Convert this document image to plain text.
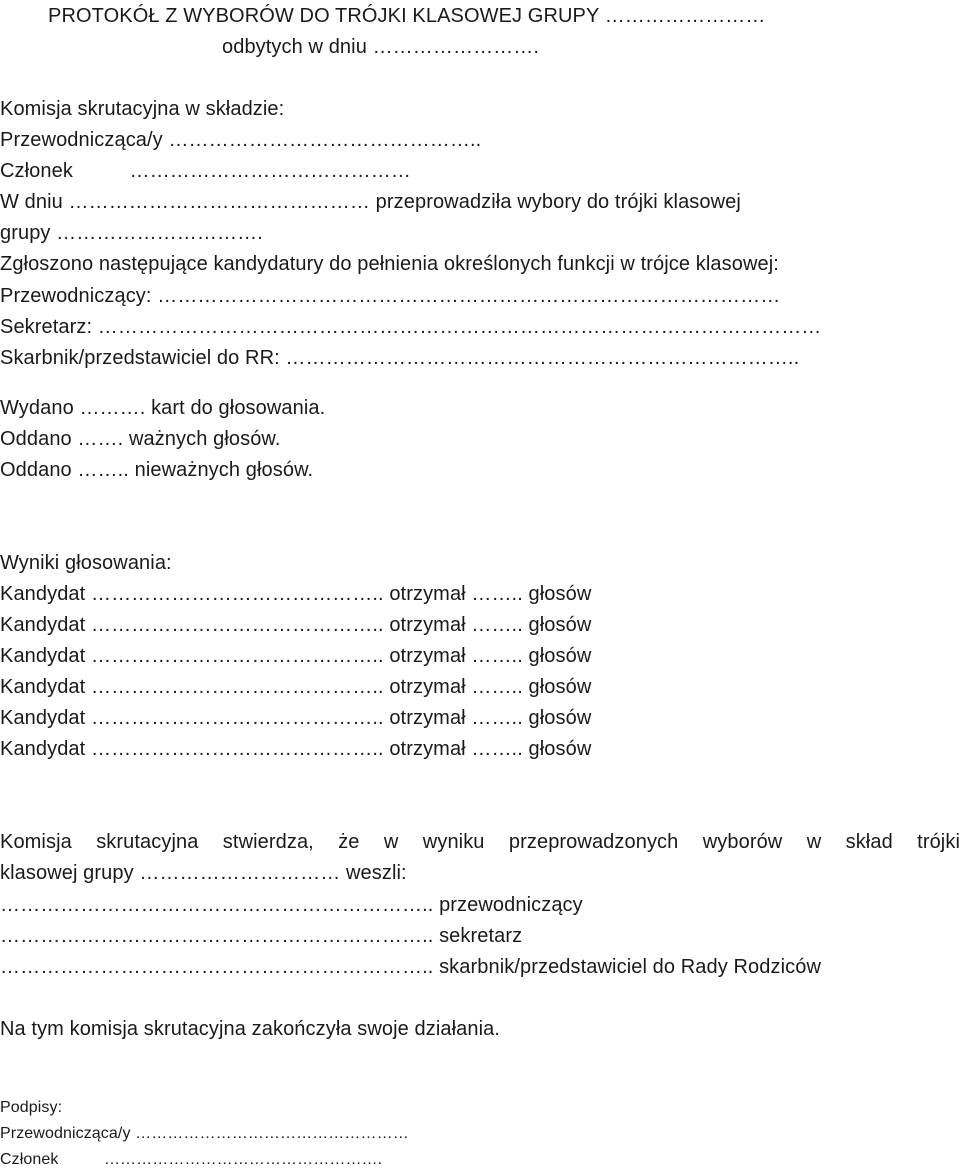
PROTOKÓŁ Z WYBORÓW DO TRÓJKI KLASOWEJ GRUPY ……………………
odbytych w dniu …………………….
Komisja skrutacyjna w składzie:
Przewodnicząca/y ………………………………………..
Członek          ……………………………………
W dniu ……………………………………… przeprowadziła wybory do trójki klasowej
grupy ………………………….
Zgłoszono następujące kandydatury do pełnienia określonych funkcji w trójce klasowej:
Przewodniczący: …………………………………………………………………………………
Sekretarz: ………………………………………………………………………………………………
Skarbnik/przedstawiciel do RR: …………………………………………………………………..
Wydano ………. kart do głosowania.
Oddano ……. ważnych głosów.
Oddano …….. nieważnych głosów.
Wyniki głosowania:
Kandydat …………………………………….. otrzymał …….. głosów
Kandydat …………………………………….. otrzymał …….. głosów
Kandydat …………………………………….. otrzymał …….. głosów
Kandydat …………………………………….. otrzymał …….. głosów
Kandydat …………………………………….. otrzymał …….. głosów
Kandydat …………………………………….. otrzymał …….. głosów
Komisja skrutacyjna stwierdza, że w wyniku przeprowadzonych wyborów w skład trójki
klasowej grupy ………………………… weszli:
……………………………………………………….. przewodniczący
……………………………………………………….. sekretarz
……………………………………………………….. skarbnik/przedstawiciel do Rady Rodziców
Na tym komisja skrutacyjna zakończyła swoje działania.
Podpisy:
Przewodnicząca/y ……………………………………………
Członek          …………………………………………….
